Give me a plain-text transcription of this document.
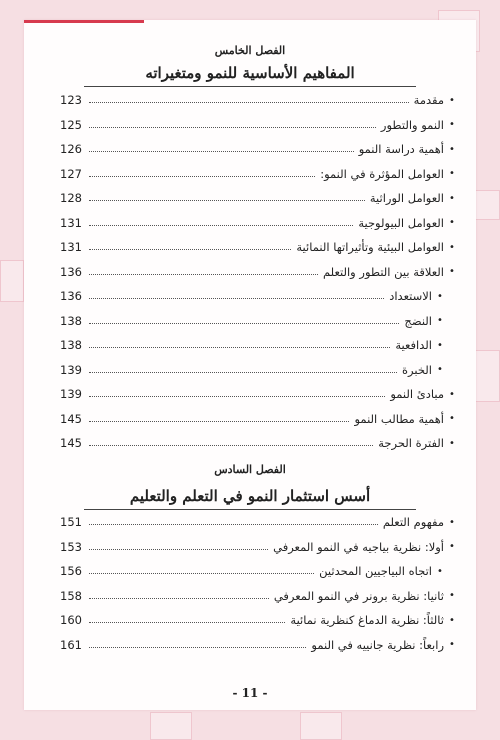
الفصل الخامس
المفاهيم الأساسية للنمو ومتغيراته
•
مقدمة
123
•
النمو والتطور
125
•
أهمية دراسة النمو
126
•
العوامل المؤثرة في النمو:
127
•
العوامل الوراثية
128
•
العوامل البيولوجية
131
•
العوامل البيئية وتأثيراتها النمائية
131
•
العلاقة بين التطور والتعلم
136
•
الاستعداد
136
•
النضج
138
•
الدافعية
138
•
الخبرة
139
•
مبادئ النمو
139
•
أهمية مطالب النمو
145
•
الفترة الحرجة
145
الفصل السادس
أسس استثمار النمو في التعلم والتعليم
•
مفهوم التعلم
151
•
أولا: نظرية بياجيه في النمو المعرفي
153
•
اتجاه البياجيين المحدثين
156
•
ثانيا: نظرية برونر في النمو المعرفي
158
•
ثالثاً: نظرية الدماغ كنظرية نمائية
160
•
رابعاً: نظرية جانييه في النمو
161
- 11 -
